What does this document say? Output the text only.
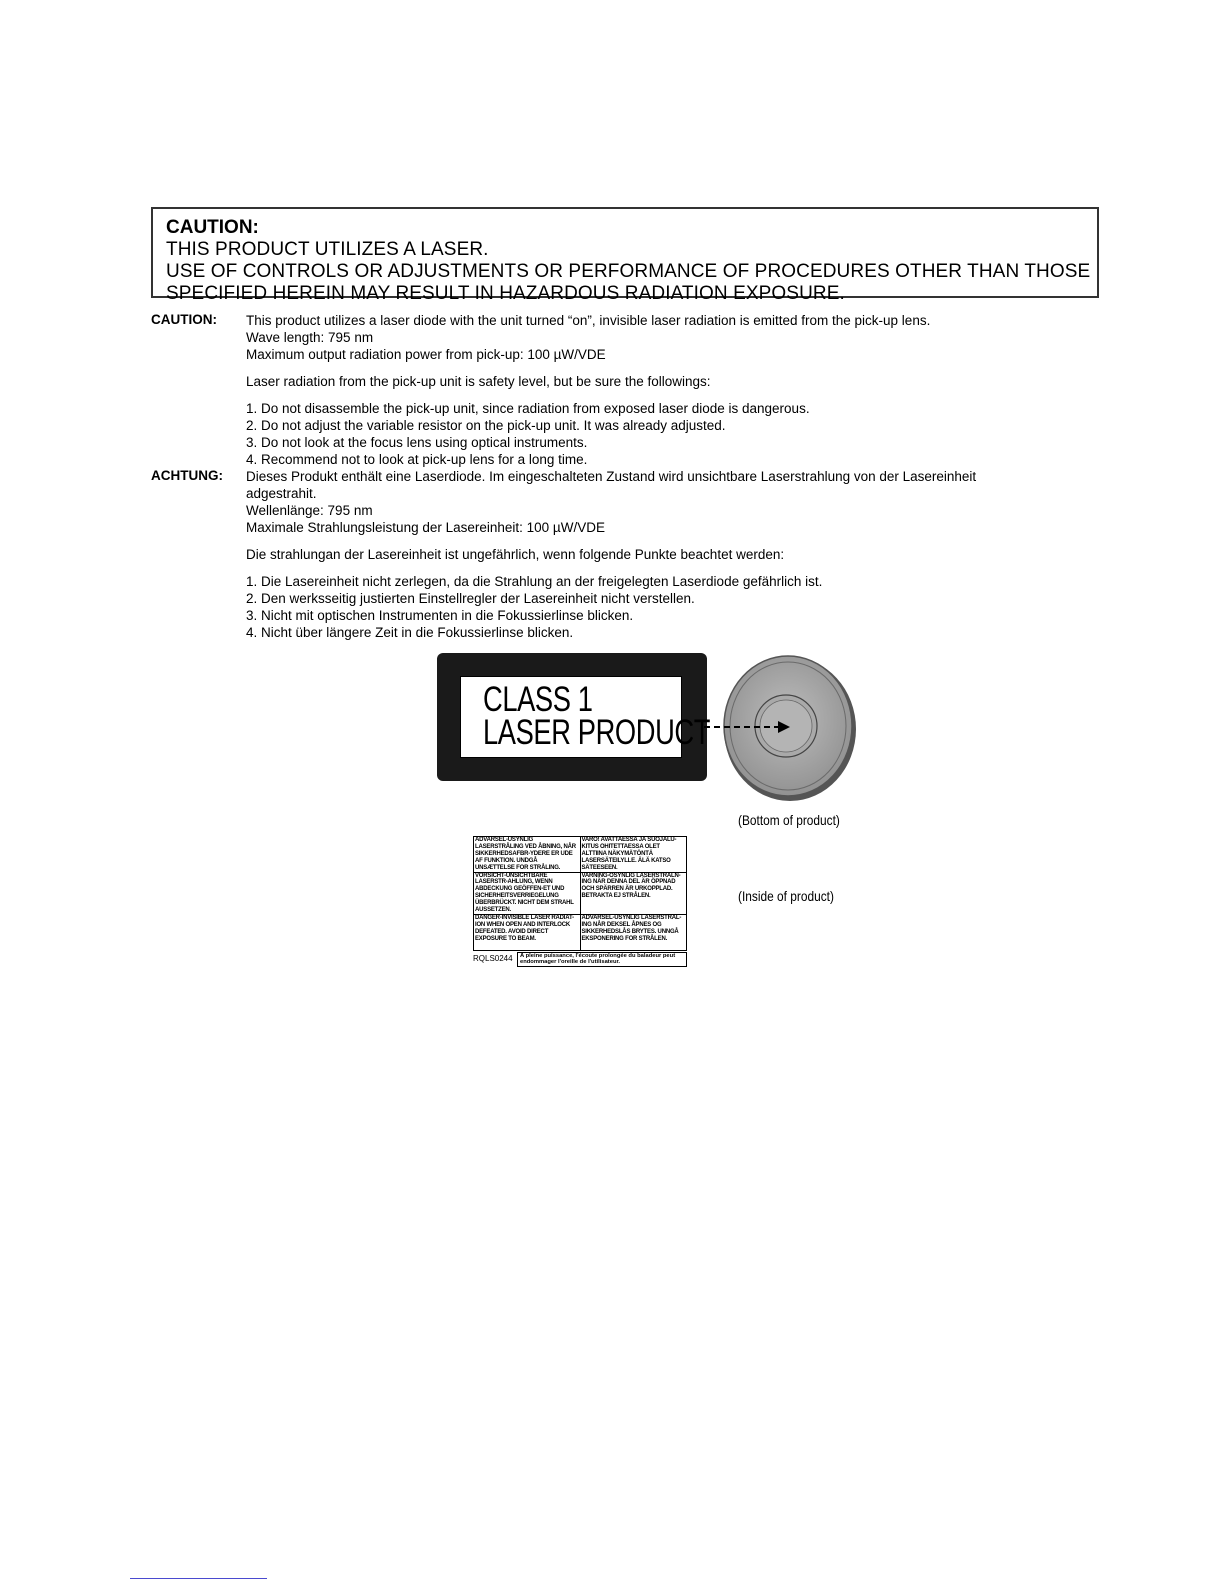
CAUTION:
THIS PRODUCT UTILIZES A LASER.
USE OF CONTROLS OR ADJUSTMENTS OR PERFORMANCE OF PROCEDURES OTHER THAN THOSE
SPECIFIED HEREIN MAY RESULT IN HAZARDOUS RADIATION EXPOSURE.
CAUTION: This product utilizes a laser diode with the unit turned “on”, invisible laser radiation is emitted from the pick-up lens.
Wave length: 795 nm
Maximum output radiation power from pick-up: 100 µW/VDE
Laser radiation from the pick-up unit is safety level, but be sure the followings:
1. Do not disassemble the pick-up unit, since radiation from exposed laser diode is dangerous.
2. Do not adjust the variable resistor on the pick-up unit. It was already adjusted.
3. Do not look at the focus lens using optical instruments.
4. Recommend not to look at pick-up lens for a long time.
ACHTUNG: Dieses Produkt enthält eine Laserdiode. Im eingeschalteten Zustand wird unsichtbare Laserstrahlung von der Lasereinheit
adgestrahit.
Wellenlänge: 795 nm
Maximale Strahlungsleistung der Lasereinheit: 100 µW/VDE
Die strahlungan der Lasereinheit ist ungefährlich, wenn folgende Punkte beachtet werden:
1. Die Lasereinheit nicht zerlegen, da die Strahlung an der freigelegten Laserdiode gefährlich ist.
2. Den werksseitig justierten Einstellregler der Lasereinheit nicht verstellen.
3. Nicht mit optischen Instrumenten in die Fokussierlinse blicken.
4. Nicht über längere Zeit in die Fokussierlinse blicken.
CLASS 1
LASER PRODUCT
(Bottom of product)
(Inside of product)
ADVARSEL-USYNLIG LASERSTRÅLING VED ÅBNING, NÅR SIKKERHEDSAFBR-YDERE ER UDE AF FUNKTION. UNDGÅ UNSÆTTELSE FOR STRÅLING.	VARO! AVATTAESSA JA SUOJALU-KITUS OHITETTAESSA OLET ALTTIINA NÄKYMÄTÖNTÄ LASERSÄTEILYLLE. ÄLÄ KATSO SÄTEESEEN.
VORSICHT-UNSICHTBARE LASERSTR-AHLUNG, WENN ABDECKUNG GEÖFFEN-ET UND SICHERHEITSVERRIEGELUNG ÜBERBRÜCKT. NICHT DEM STRAHL AUSSETZEN.	VARNING-OSYNLIG LASERSTRÅLN-ING NÄR DENNA DEL ÄR ÖPPNAD OCH SPÄRREN ÄR URKOPPLAD. BETRAKTA EJ STRÅLEN.
DANGER-INVISIBLE LASER RADIAT-ION WHEN OPEN AND INTERLOCK DEFEATED. AVOID DIRECT EXPOSURE TO BEAM.	ADVARSEL-USYNLIG LASERSTRÅL-ING NÅR DEKSEL ÅPNES OG SIKKERHEDSLÅS BRYTES. UNNGÅ EKSPONERING FOR STRÅLEN.
RQLS0244	A pleine puissance, l'écoute prolongée du baladeur peut endommager l'oreille de l'utilisateur.
